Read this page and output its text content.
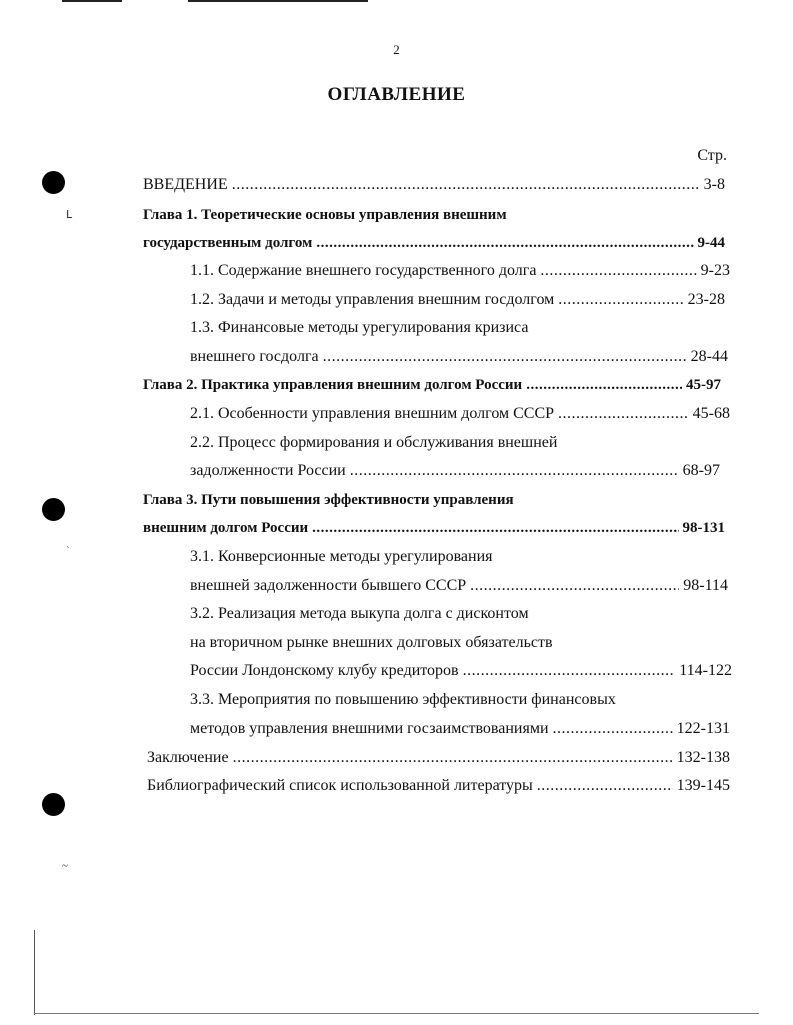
ᒪ
`
~
2
ОГЛАВЛЕНИЕ
Стр.
ВВЕДЕНИЕ .....	3-8
Глава 1. Теоретические основы управления внешним
государственным долгом .....	9-44
1.1. Содержание внешнего государственного долга .....	9-23
1.2. Задачи и методы управления внешним госдолгом .....	23-28
1.3. Финансовые методы урегулирования кризиса
внешнего госдолга .....	28-44
Глава 2. Практика управления внешним долгом России .....	45-97
2.1. Особенности управления внешним долгом СССР .....	45-68
2.2. Процесс формирования и обслуживания внешней
задолженности России .....	68-97
Глава 3. Пути повышения эффективности управления
внешним долгом России .....	98-131
3.1. Конверсионные методы урегулирования
внешней задолженности бывшего СССР .....	98-114
3.2. Реализация метода выкупа долга с дисконтом
на вторичном рынке внешних долговых обязательств
России Лондонскому клубу кредиторов .....	114-122
3.3. Мероприятия по повышению эффективности финансовых
методов управления внешними госзаимствованиями .....	122-131
Заключение .....	132-138
Библиографический список использованной литературы .....	139-145
